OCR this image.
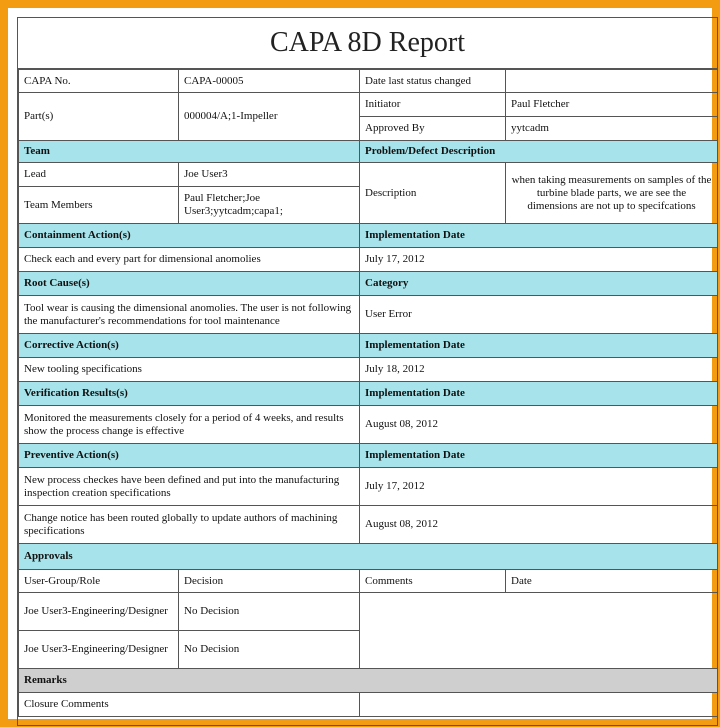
CAPA 8D Report
CAPA No.	CAPA-00005	Date last status changed	
Part(s)	000004/A;1-Impeller	Initiator	Paul Fletcher
		Approved By	yytcadm
Team		Problem/Defect Description	
Lead	Joe User3	Description	when taking measurements on samples of the turbine blade parts, we are see the dimensions are not up to specifcations
Team Members	Paul Fletcher;Joe User3;yytcadm;capa1;		
Containment Action(s)		Implementation Date	
Check each and every part for dimensional anomolies		July 17, 2012	
Root Cause(s)		Category	
Tool wear is causing the dimensional anomolies. The user is not following the manufacturer's recommendations for tool maintenance		User Error	
Corrective Action(s)		Implementation Date	
New tooling specifications		July 18, 2012	
Verification Results(s)		Implementation Date	
Monitored the measurements closely for a period of 4 weeks, and results show the process change is effective		August 08, 2012	
Preventive Action(s)		Implementation Date	
New process checkes have been defined and put into the manufacturing inspection creation specifications		July 17, 2012	
Change notice has been routed globally to update authors of machining specifications		August 08, 2012	
Approvals			
User-Group/Role	Decision	Comments	Date
Joe User3-Engineering/Designer	No Decision		
Joe User3-Engineering/Designer	No Decision		
Remarks			
Closure Comments			
